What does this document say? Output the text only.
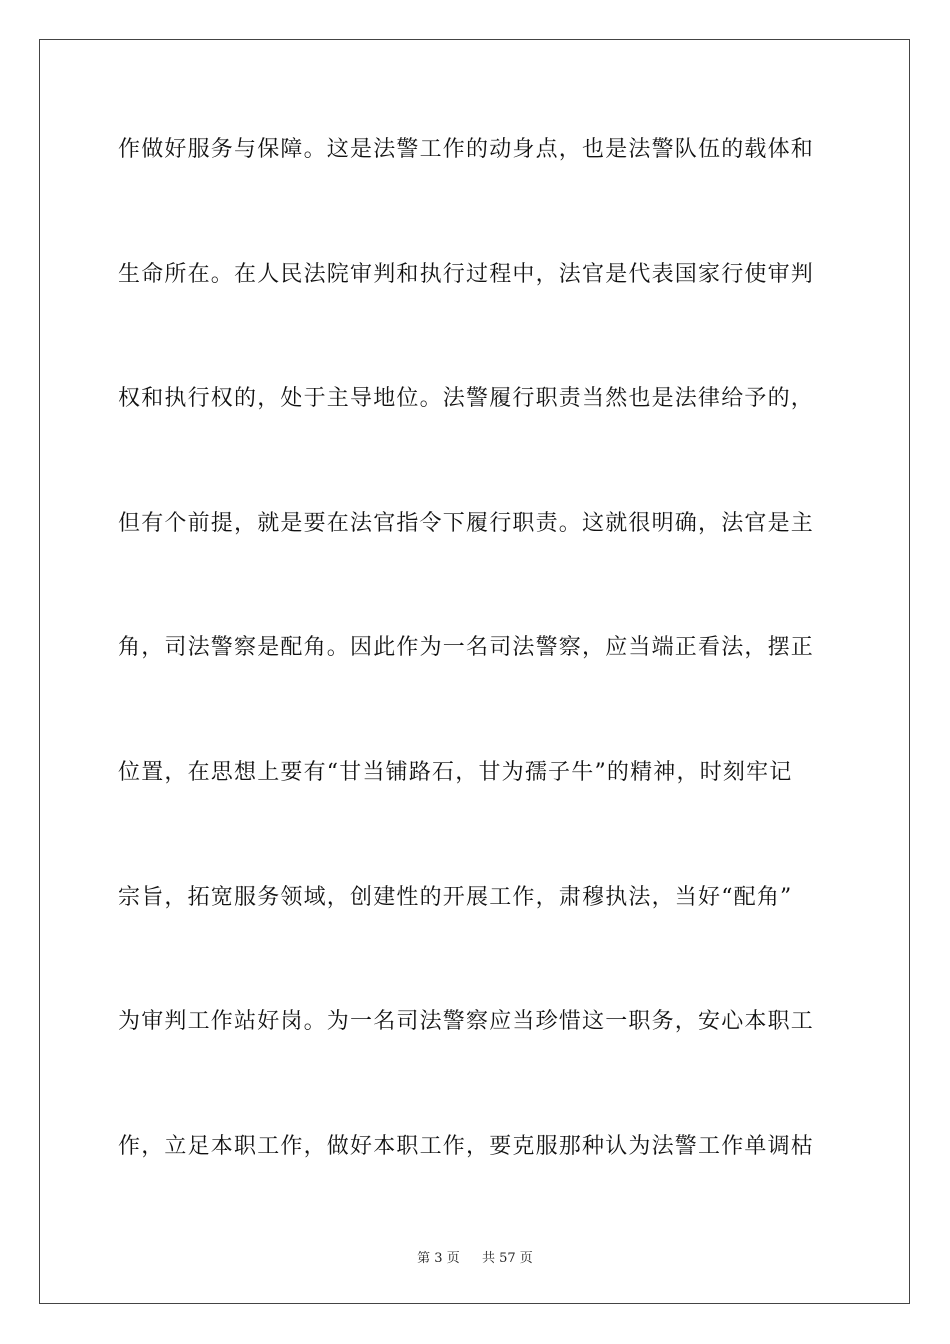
作做好服务与保障。这是法警工作的动身点，也是法警队伍的载体和
生命所在。在人民法院审判和执行过程中，法官是代表国家行使审判
权和执行权的，处于主导地位。法警履行职责当然也是法律给予的，
但有个前提，就是要在法官指令下履行职责。这就很明确，法官是主
角，司法警察是配角。因此作为一名司法警察，应当端正看法，摆正
位置，在思想上要有“甘当铺路石，甘为孺子牛”的精神，时刻牢记
宗旨，拓宽服务领域，创建性的开展工作，肃穆执法，当好“配角”
为审判工作站好岗。为一名司法警察应当珍惜这一职务，安心本职工
作，立足本职工作，做好本职工作，要克服那种认为法警工作单调枯
第 3 页 共 57 页
